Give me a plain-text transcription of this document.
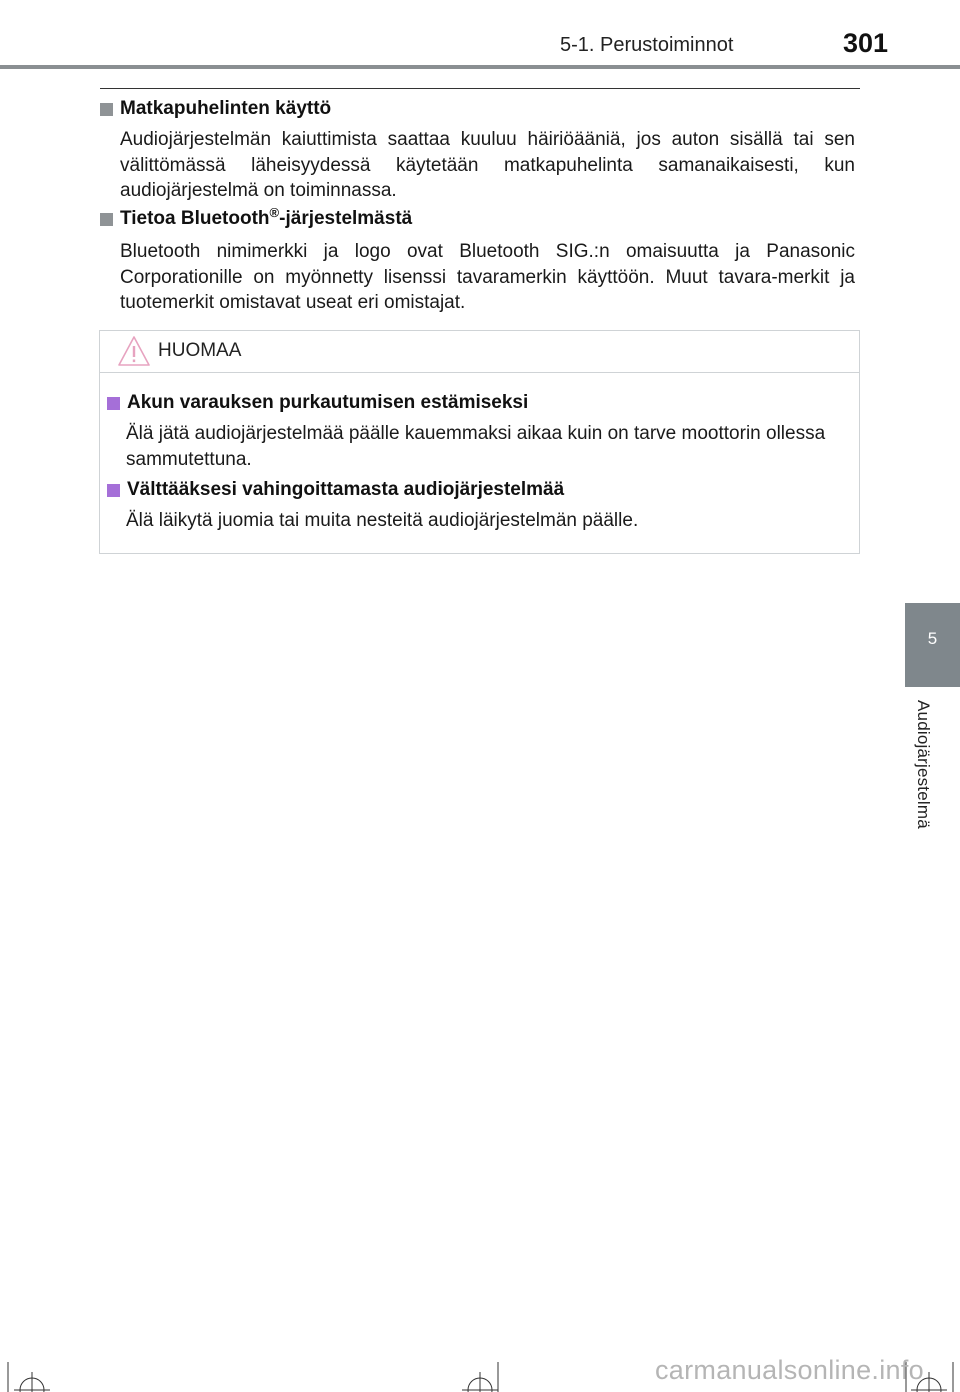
5-1. Perustoiminnot	301
5
Audiojärjestelmä
Matkapuhelinten käyttö
Audiojärjestelmän kaiuttimista saattaa kuuluu häiriöääniä, jos auton sisällä tai sen välittömässä läheisyydessä käytetään matkapuhelinta samanaikaisesti, kun audiojärjestelmä on toiminnassa.
Tietoa Bluetooth®-järjestelmästä
Bluetooth nimimerkki ja logo ovat Bluetooth SIG.:n omaisuutta ja Panasonic Corporationille on myönnetty lisenssi tavaramerkin käyttöön. Muut tavara-merkit ja tuotemerkit omistavat useat eri omistajat.
HUOMAA
Akun varauksen purkautumisen estämiseksi
Älä jätä audiojärjestelmää päälle kauemmaksi aikaa kuin on tarve moottorin ollessa sammutettuna.
Välttääksesi vahingoittamasta audiojärjestelmää
Älä läikytä juomia tai muita nesteitä audiojärjestelmän päälle.
carmanualsonline.info
